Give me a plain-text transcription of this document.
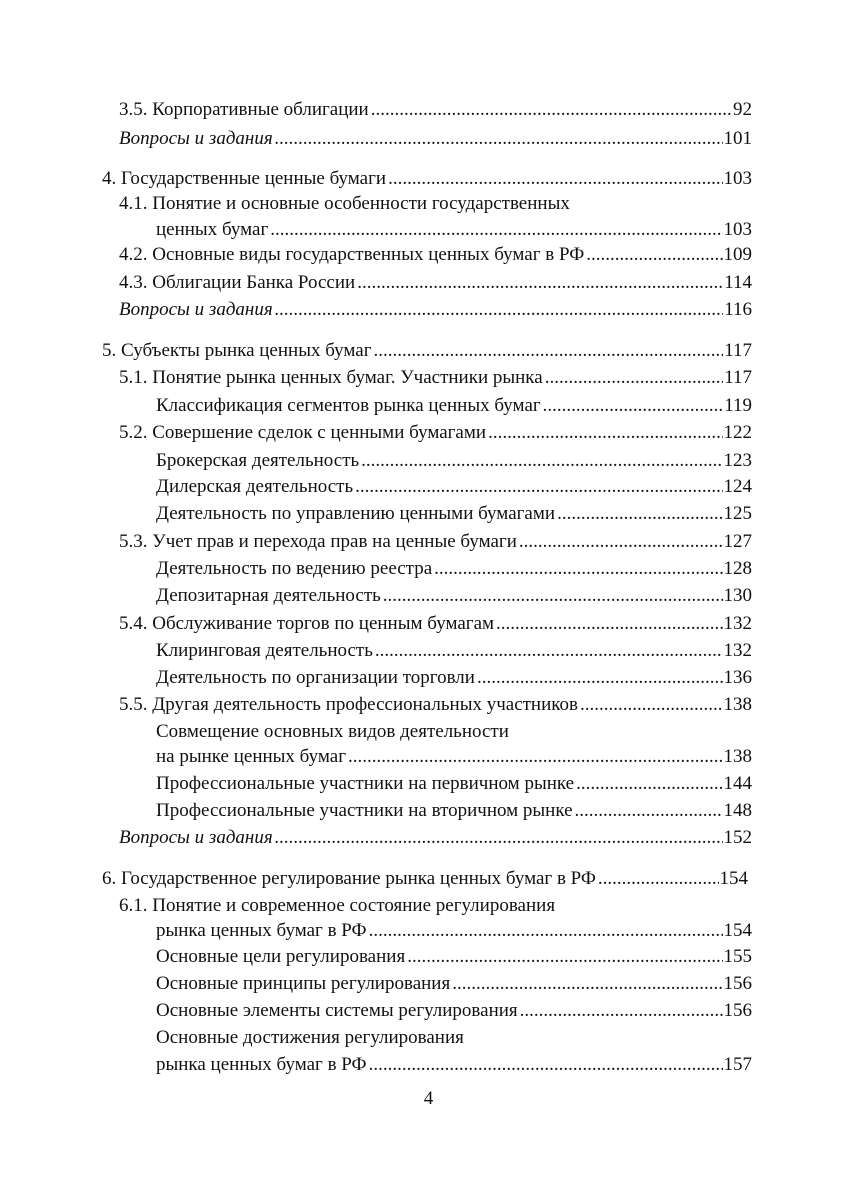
3.5. Корпоративные облигации .....	92
Вопросы и задания .....	101
4. Государственные ценные бумаги .....	103
4.1. Понятие и основные особенности государственных
ценных бумаг .....	103
4.2. Основные виды государственных ценных бумаг в РФ .....	109
4.3. Облигации Банка России .....	114
Вопросы и задания .....	116
5. Субъекты рынка ценных бумаг .....	117
5.1. Понятие рынка ценных бумаг. Участники рынка .....	117
Классификация сегментов рынка ценных бумаг .....	119
5.2. Совершение сделок с ценными бумагами .....	122
Брокерская деятельность .....	123
Дилерская деятельность .....	124
Деятельность по управлению ценными бумагами .....	125
5.3. Учет прав и перехода прав на ценные бумаги .....	127
Деятельность по ведению реестра .....	128
Депозитарная деятельность .....	130
5.4. Обслуживание торгов по ценным бумагам .....	132
Клиринговая деятельность .....	132
Деятельность по организации торговли .....	136
5.5. Другая деятельность профессиональных участников .....	138
Совмещение основных видов деятельности
на рынке ценных бумаг .....	138
Профессиональные участники на первичном рынке .....	144
Профессиональные участники на вторичном рынке .....	148
Вопросы и задания .....	152
6. Государственное регулирование рынка ценных бумаг в РФ .....	154
6.1. Понятие и современное состояние регулирования
рынка ценных бумаг в РФ .....	154
Основные цели регулирования .....	155
Основные принципы регулирования .....	156
Основные элементы системы регулирования .....	156
Основные достижения регулирования
рынка ценных бумаг в РФ .....	157
4
